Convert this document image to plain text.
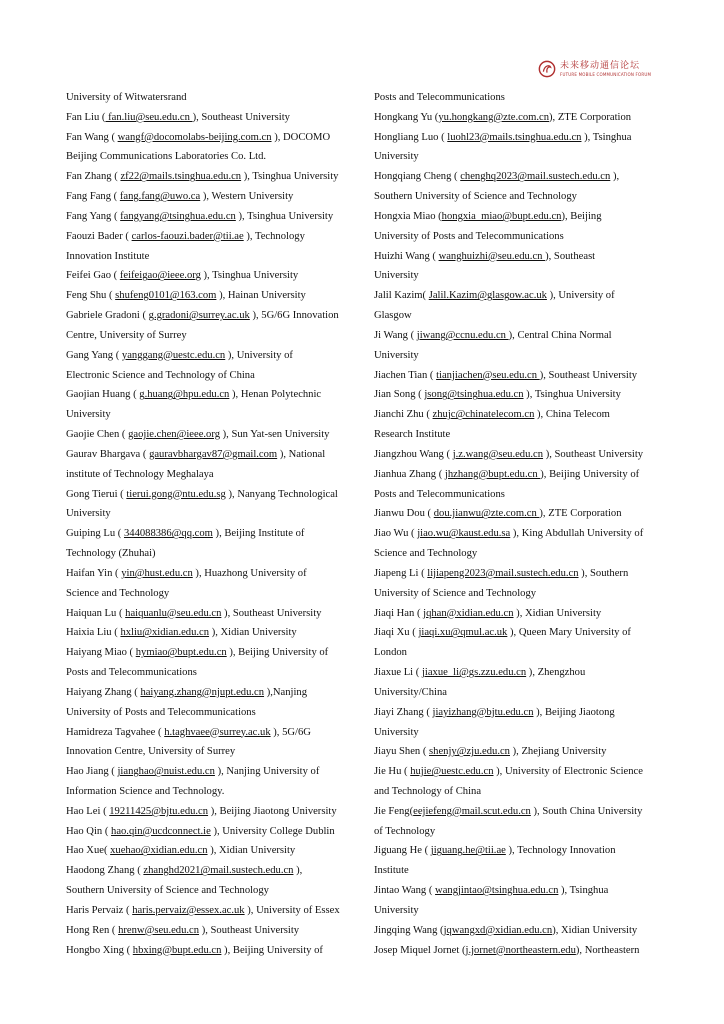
未来移动通信论坛
FUTURE MOBILE COMMUNICATION FORUM
University of Witwatersrand
Fan Liu ( fan.liu@seu.edu.cn ), Southeast University
Fan Wang ( wangf@docomolabs-beijing.com.cn ), DOCOMO
Beijing Communications Laboratories Co. Ltd.
Fan Zhang ( zf22@mails.tsinghua.edu.cn ), Tsinghua University
Fang Fang ( fang.fang@uwo.ca ), Western University
Fang Yang ( fangyang@tsinghua.edu.cn ), Tsinghua University
Faouzi Bader ( carlos-faouzi.bader@tii.ae ), Technology
Innovation Institute
Feifei Gao ( feifeigao@ieee.org ), Tsinghua University
Feng Shu ( shufeng0101@163.com ), Hainan University
Gabriele Gradoni ( g.gradoni@surrey.ac.uk ), 5G/6G Innovation
Centre, University of Surrey
Gang Yang ( yanggang@uestc.edu.cn ), University of
Electronic Science and Technology of China
Gaojian Huang ( g.huang@hpu.edu.cn ), Henan Polytechnic
University
Gaojie Chen ( gaojie.chen@ieee.org ), Sun Yat-sen University
Gaurav Bhargava ( gauravbhargav87@gmail.com ), National
institute of Technology Meghalaya
Gong Tierui ( tierui.gong@ntu.edu.sg ), Nanyang Technological
University
Guiping Lu ( 344088386@qq.com ), Beijing Institute of
Technology (Zhuhai)
Haifan Yin ( yin@hust.edu.cn ), Huazhong University of
Science and Technology
Haiquan Lu ( haiquanlu@seu.edu.cn ), Southeast University
Haixia Liu ( hxliu@xidian.edu.cn ), Xidian University
Haiyang Miao ( hymiao@bupt.edu.cn ), Beijing University of
Posts and Telecommunications
Haiyang Zhang ( haiyang.zhang@njupt.edu.cn ),Nanjing
University of Posts and Telecommunications
Hamidreza Tagvahee ( h.taghvaee@surrey.ac.uk ), 5G/6G
Innovation Centre, University of Surrey
Hao Jiang ( jianghao@nuist.edu.cn ), Nanjing University of
Information Science and Technology.
Hao Lei ( 19211425@bjtu.edu.cn ), Beijing Jiaotong University
Hao Qin ( hao.qin@ucdconnect.ie ), University College Dublin
Hao Xue( xuehao@xidian.edu.cn ), Xidian University
Haodong Zhang ( zhanghd2021@mail.sustech.edu.cn ),
Southern University of Science and Technology
Haris Pervaiz ( haris.pervaiz@essex.ac.uk ), University of Essex
Hong Ren ( hrenw@seu.edu.cn ), Southeast University
Hongbo Xing ( hbxing@bupt.edu.cn ), Beijing University of
Posts and Telecommunications
Hongkang Yu (yu.hongkang@zte.com.cn), ZTE Corporation
Hongliang Luo ( luohl23@mails.tsinghua.edu.cn ), Tsinghua
University
Hongqiang Cheng ( chenghq2023@mail.sustech.edu.cn ),
Southern University of Science and Technology
Hongxia Miao (hongxia_miao@bupt.edu.cn), Beijing
University of Posts and Telecommunications
Huizhi Wang ( wanghuizhi@seu.edu.cn ), Southeast
University
Jalil Kazim( Jalil.Kazim@glasgow.ac.uk ), University of
Glasgow
Ji Wang ( jiwang@ccnu.edu.cn ), Central China Normal
University
Jiachen Tian ( tianjiachen@seu.edu.cn ), Southeast University
Jian Song ( jsong@tsinghua.edu.cn ), Tsinghua University
Jianchi Zhu ( zhujc@chinatelecom.cn ), China Telecom
Research Institute
Jiangzhou Wang ( j.z.wang@seu.edu.cn ), Southeast University
Jianhua Zhang ( jhzhang@bupt.edu.cn ), Beijing University of
Posts and Telecommunications
Jianwu Dou ( dou.jianwu@zte.com.cn ), ZTE Corporation
Jiao Wu ( jiao.wu@kaust.edu.sa ), King Abdullah University of
Science and Technology
Jiapeng Li ( lijiapeng2023@mail.sustech.edu.cn ), Southern
University of Science and Technology
Jiaqi Han ( jqhan@xidian.edu.cn ), Xidian University
Jiaqi Xu ( jiaqi.xu@qmul.ac.uk ), Queen Mary University of
London
Jiaxue Li ( jiaxue_li@gs.zzu.edu.cn ), Zhengzhou
University/China
Jiayi Zhang ( jiayizhang@bjtu.edu.cn ), Beijing Jiaotong
University
Jiayu Shen ( shenjy@zju.edu.cn ), Zhejiang University
Jie Hu ( hujie@uestc.edu.cn ), University of Electronic Science
and Technology of China
Jie Feng(eejiefeng@mail.scut.edu.cn ), South China University
of Technology
Jiguang He ( jiguang.he@tii.ae ), Technology Innovation
Institute
Jintao Wang ( wangjintao@tsinghua.edu.cn ), Tsinghua
University
Jingqing Wang (jqwangxd@xidian.edu.cn), Xidian University
Josep Miquel Jornet (j.jornet@northeastern.edu), Northeastern
